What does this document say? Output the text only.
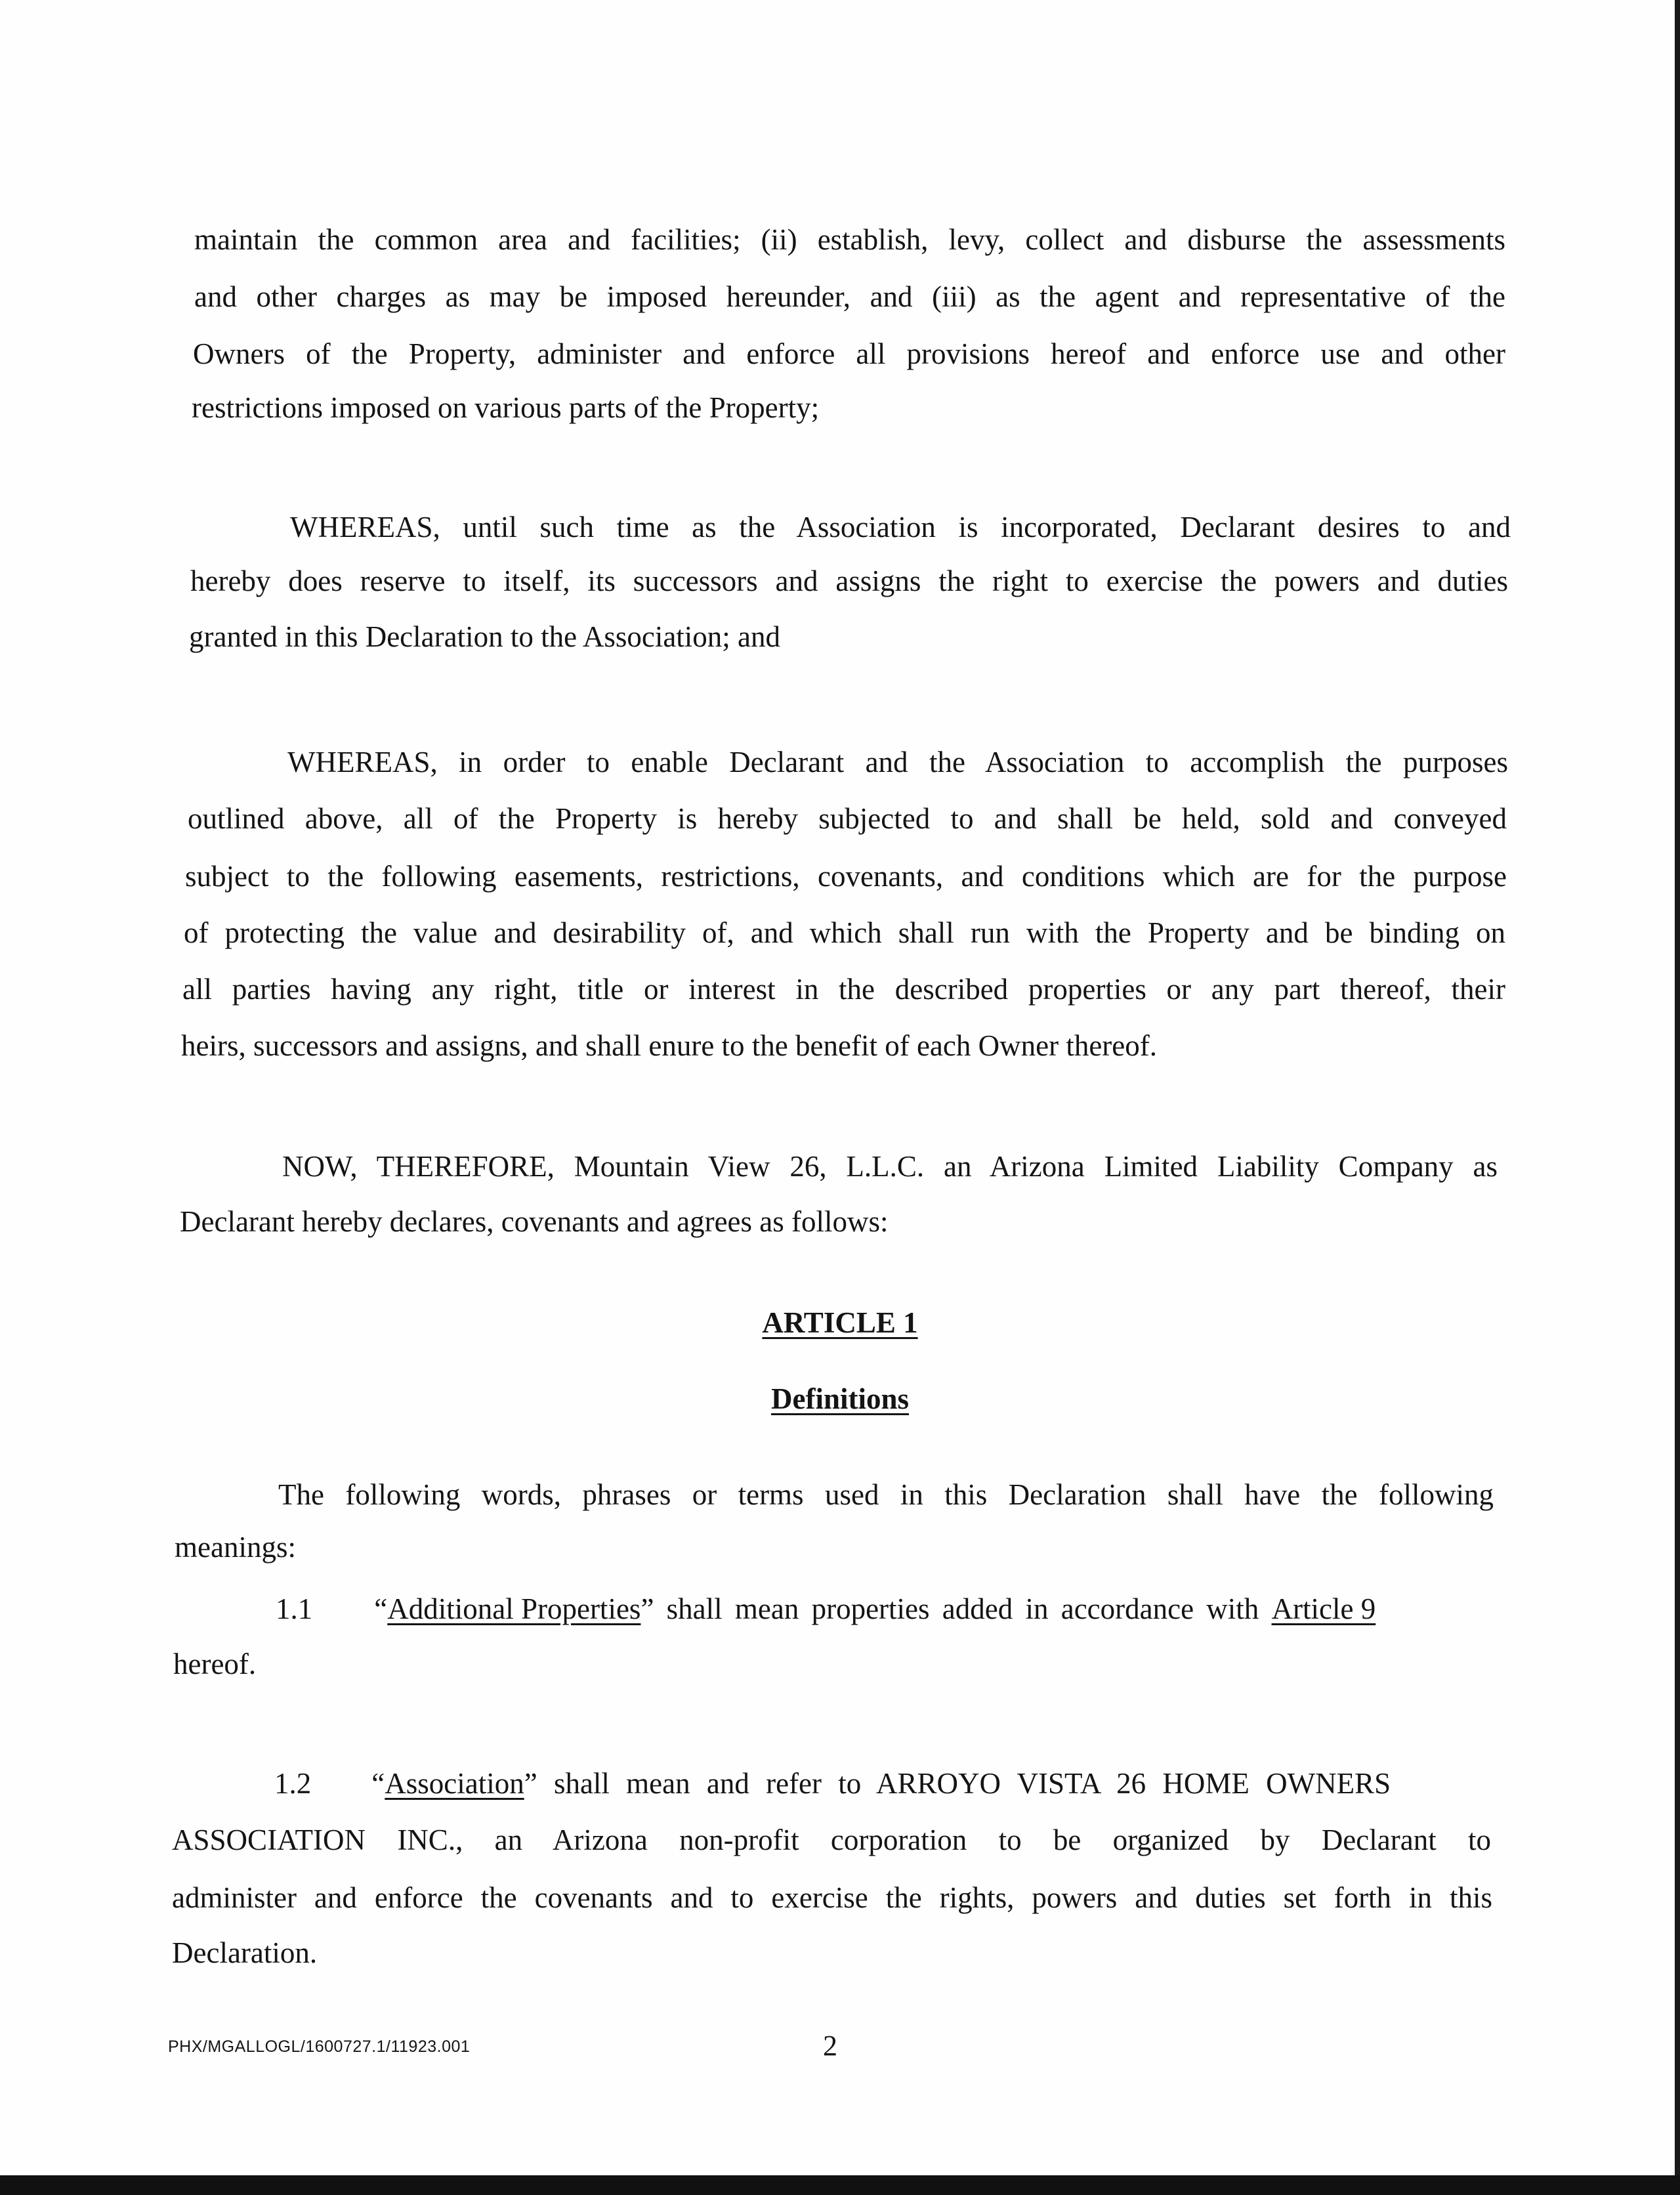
maintain the common area and facilities; (ii) establish, levy, collect and disburse the assessments

and other charges as may be imposed hereunder, and (iii) as the agent and representative of the

Owners of the Property, administer and enforce all provisions hereof and enforce use and other

restrictions imposed on various parts of the Property;

WHEREAS, until such time as the Association is incorporated, Declarant desires to and

hereby does reserve to itself, its successors and assigns the right to exercise the powers and duties

granted in this Declaration to the Association; and

WHEREAS, in order to enable Declarant and the Association to accomplish the purposes

outlined above, all of the Property is hereby subjected to and shall be held, sold and conveyed

subject to the following easements, restrictions, covenants, and conditions which are for the purpose

of protecting the value and desirability of, and which shall run with the Property and be binding on

all parties having any right, title or interest in the described properties or any part thereof, their

heirs, successors and assigns, and shall enure to the benefit of each Owner thereof.

NOW, THEREFORE, Mountain View 26, L.L.C. an Arizona Limited Liability Company as

Declarant hereby declares, covenants and agrees as follows:

ARTICLE 1

Definitions

The following words, phrases or terms used in this Declaration shall have the following

meanings:

1.1 “Additional Properties” shall mean properties added in accordance with Article 9

hereof.

1.2 “Association” shall mean and refer to ARROYO VISTA 26 HOME OWNERS

ASSOCIATION INC., an Arizona non-profit corporation to be organized by Declarant to

administer and enforce the covenants and to exercise the rights, powers and duties set forth in this

Declaration.

PHX/MGALLOGL/1600727.1/11923.001	2
